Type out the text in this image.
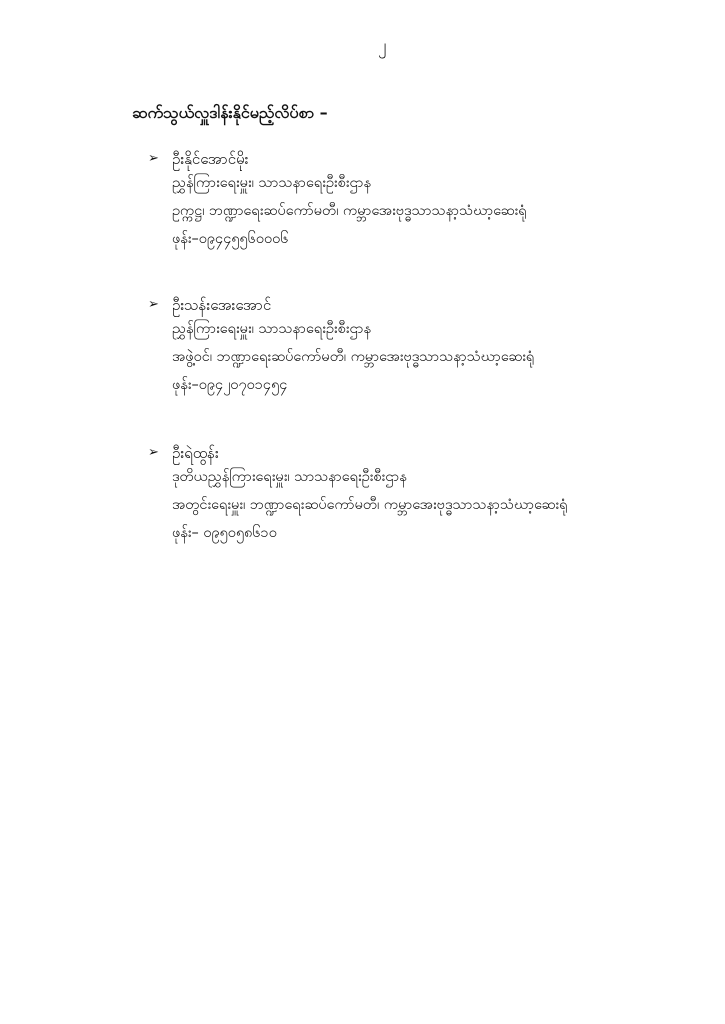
၂
ဆက်သွယ်လှူဒါန်းနိုင်မည့်လိပ်စာ –
➢ ဦးနိုင်အောင်မိုး
ညွှန်ကြားရေးမှူး၊ သာသနာရေးဦးစီးဌာန
ဥက္ကဋ္ဌ၊ ဘဏ္ဍာရေးဆပ်ကော်မတီ၊ ကမ္ဘာအေးဗုဒ္ဓသာသနာ့သံဃာ့ဆေးရုံ
ဖုန်း–၀၉၄၄၅၅၆၀၀၀၆
➢ ဦးသန်းအေးအောင်
ညွှန်ကြားရေးမှူး၊ သာသနာရေးဦးစီးဌာန
အဖွဲ့ဝင်၊ ဘဏ္ဍာရေးဆပ်ကော်မတီ၊ ကမ္ဘာအေးဗုဒ္ဓသာသနာ့သံဃာ့ဆေးရုံ
ဖုန်း–၀၉၄၂၀၇၀၁၄၅၄
➢ ဦးရဲထွန်း
ဒုတိယညွှန်ကြားရေးမှူး၊ သာသနာရေးဦးစီးဌာန
အတွင်းရေးမှူး၊ ဘဏ္ဍာရေးဆပ်ကော်မတီ၊ ကမ္ဘာအေးဗုဒ္ဓသာသနာ့သံဃာ့ဆေးရုံ
ဖုန်း– ၀၉၅၀၅၈၆၁၀
